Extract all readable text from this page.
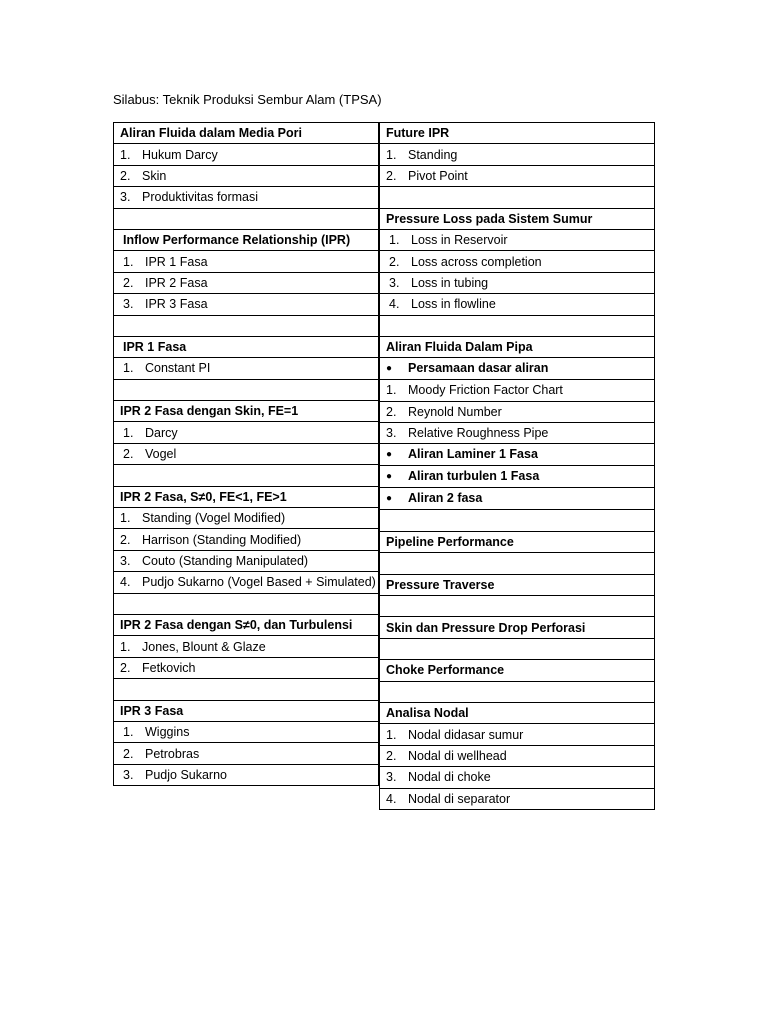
Silabus: Teknik Produksi Sembur Alam (TPSA)
Aliran Fluida dalam Media Pori
1. Hukum Darcy
2. Skin
3. Produktivitas formasi

Inflow Performance Relationship (IPR)
1. IPR 1 Fasa
2. IPR 2 Fasa
3. IPR 3 Fasa

IPR 1 Fasa
1. Constant PI

IPR 2 Fasa dengan Skin, FE=1
1. Darcy
2. Vogel

IPR 2 Fasa, S≠0, FE<1, FE>1
1. Standing (Vogel Modified)
2. Harrison (Standing Modified)
3. Couto (Standing Manipulated)
4. Pudjo Sukarno (Vogel Based + Simulated)

IPR 2 Fasa dengan S≠0, dan Turbulensi
1. Jones, Blount & Glaze
2. Fetkovich

IPR 3 Fasa
1. Wiggins
2. Petrobras
3. Pudjo Sukarno
Future IPR
1. Standing
2. Pivot Point

Pressure Loss pada Sistem Sumur
1. Loss in Reservoir
2. Loss across completion
3. Loss in tubing
4. Loss in flowline

Aliran Fluida Dalam Pipa
● Persamaan dasar aliran
1. Moody Friction Factor Chart
2. Reynold Number
3. Relative Roughness Pipe
● Aliran Laminer 1 Fasa
● Aliran turbulen 1 Fasa
● Aliran 2 fasa

Pipeline Performance

Pressure Traverse

Skin dan Pressure Drop Perforasi

Choke Performance

Analisa Nodal
1. Nodal didasar sumur
2. Nodal di wellhead
3. Nodal di choke
4. Nodal di separator
